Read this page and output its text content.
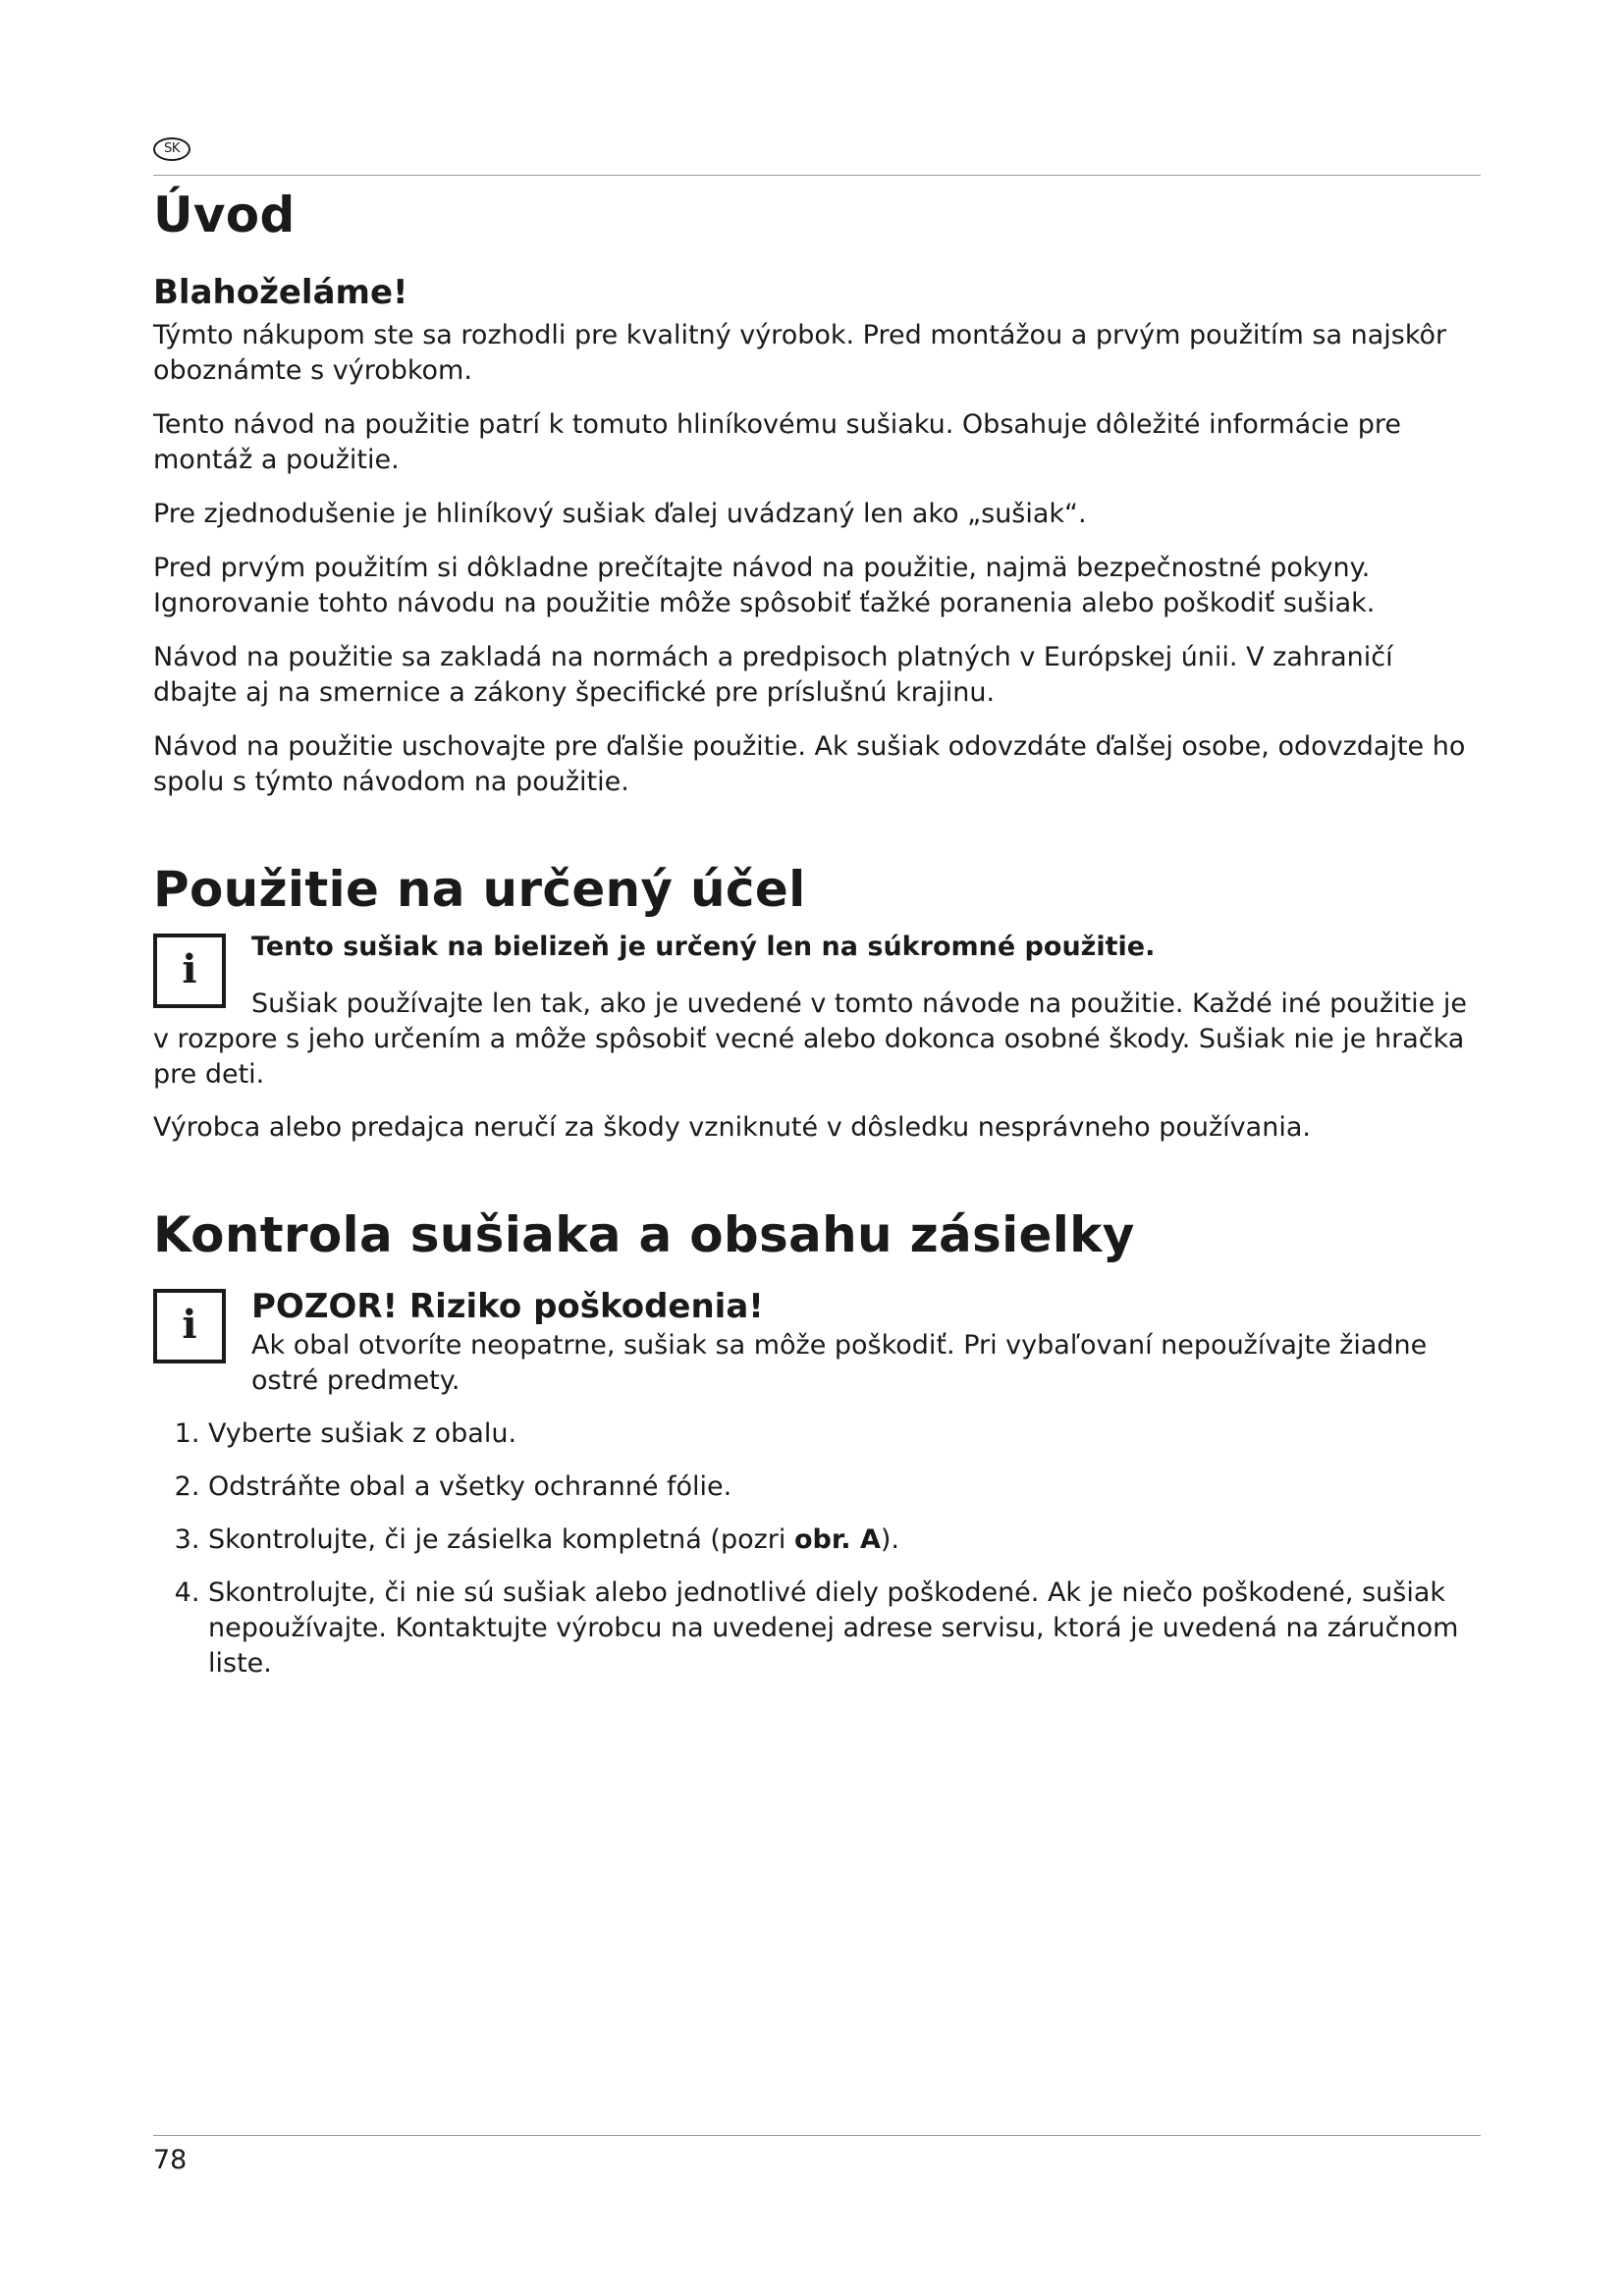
SK
Úvod
Blahoželáme!

Týmto nákupom ste sa rozhodli pre kvalitný výrobok. Pred montážou a prvým použitím sa najskôr oboznámte s výrobkom.

Tento návod na použitie patrí k tomuto hliníkovému sušiaku. Obsahuje dôležité informácie pre montáž a použitie.

Pre zjednodušenie je hliníkový sušiak ďalej uvádzaný len ako „sušiak“.

Pred prvým použitím si dôkladne prečítajte návod na použitie, najmä bezpečnostné pokyny. Ignorovanie tohto návodu na použitie môže spôsobiť ťažké poranenia alebo poškodiť sušiak.

Návod na použitie sa zakladá na normách a predpisoch platných v Európskej únii. V zahraničí dbajte aj na smernice a zákony špecifické pre príslušnú krajinu.

Návod na použitie uschovajte pre ďalšie použitie. Ak sušiak odovzdáte ďalšej osobe, odovzdajte ho spolu s týmto návodom na použitie.

Použitie na určený účel
i	Tento sušiak na bielizeň je určený len na súkromné použitie.
Sušiak používajte len tak, ako je uvedené v tomto návode na použitie. Každé iné použitie je v rozpore s jeho určením a môže spôsobiť vecné alebo dokonca osobné škody. Sušiak nie je hračka pre deti.

Výrobca alebo predajca neručí za škody vzniknuté v dôsledku nesprávneho používania.

Kontrola sušiaka a obsahu zásielky
i	POZOR! Riziko poškodenia!
Ak obal otvoríte neopatrne, sušiak sa môže poškodiť. Pri vybaľovaní nepoužívajte žiadne ostré predmety.
1. Vyberte sušiak z obalu.
2. Odstráňte obal a všetky ochranné fólie.
3. Skontrolujte, či je zásielka kompletná (pozri obr. A).
4. Skontrolujte, či nie sú sušiak alebo jednotlivé diely poškodené. Ak je niečo poškodené, sušiak nepoužívajte. Kontaktujte výrobcu na uvedenej adrese servisu, ktorá je uvedená na záručnom liste.
78
